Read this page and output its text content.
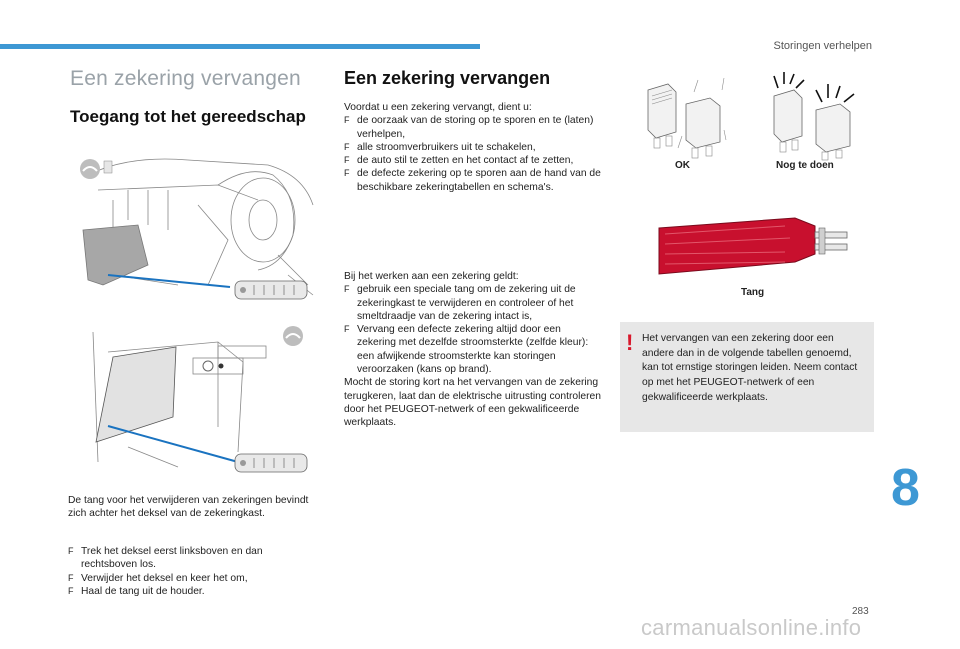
Storingen verhelpen
Een zekering vervangen
Toegang tot het gereedschap
De tang voor het verwijderen van zekeringen bevindt zich achter het deksel van de zekeringkast.
F Trek het deksel eerst linksboven en dan rechtsboven los.
F Verwijder het deksel en keer het om,
F Haal de tang uit de houder.
Een zekering vervangen
Voordat u een zekering vervangt, dient u:
F de oorzaak van de storing op te sporen en te (laten) verhelpen,
F alle stroomverbruikers uit te schakelen,
F de auto stil te zetten en het contact af te zetten,
F de defecte zekering op te sporen aan de hand van de beschikbare zekeringtabellen en schema's.
Bij het werken aan een zekering geldt:
F gebruik een speciale tang om de zekering uit de zekeringkast te verwijderen en controleer of het smeltdraadje van de zekering intact is,
F Vervang een defecte zekering altijd door een zekering met dezelfde stroomsterkte (zelfde kleur): een afwijkende stroomsterkte kan storingen veroorzaken (kans op brand).
Mocht de storing kort na het vervangen van de zekering terugkeren, laat dan de elektrische uitrusting controleren door het PEUGEOT-netwerk of een gekwalificeerde werkplaats.
OK	Nog te doen
Tang
! Het vervangen van een zekering door een andere dan in de volgende tabellen genoemd, kan tot ernstige storingen leiden. Neem contact op met het PEUGEOT-netwerk of een gekwalificeerde werkplaats.
8
283
carmanualsonline.info
